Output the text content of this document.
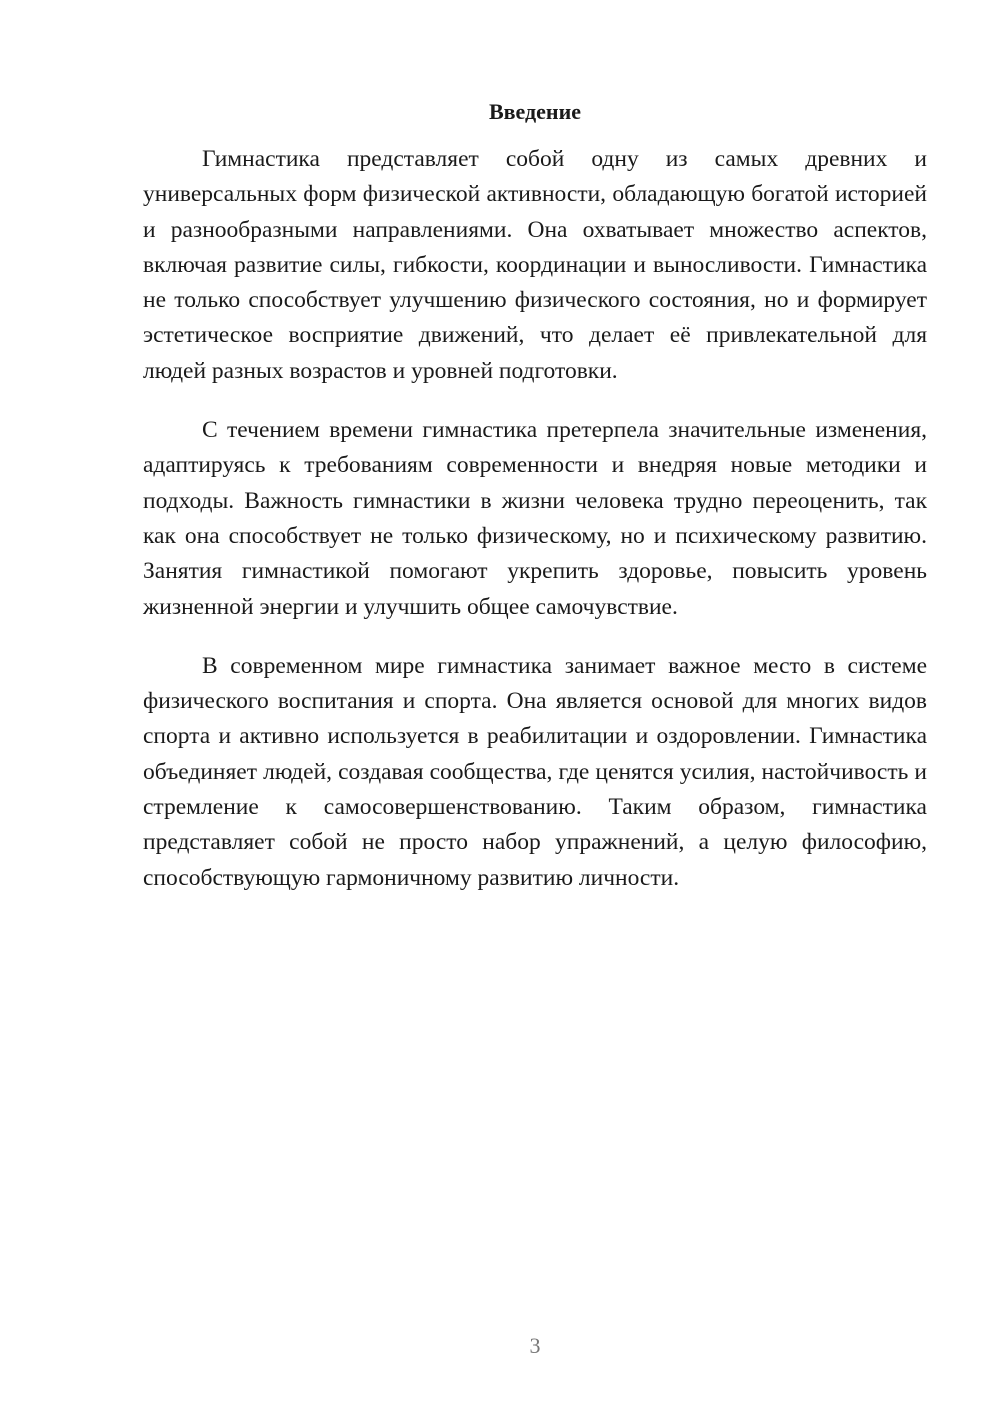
Введение

Гимнастика представляет собой одну из самых древних и универсальных форм физической активности, обладающую богатой историей и разнообразными направлениями. Она охватывает множество аспектов, включая развитие силы, гибкости, координации и выносливости. Гимнастика не только способствует улучшению физического состояния, но и формирует эстетическое восприятие движений, что делает её привлекательной для людей разных возрастов и уровней подготовки.

С течением времени гимнастика претерпела значительные изменения, адаптируясь к требованиям современности и внедряя новые методики и подходы. Важность гимнастики в жизни человека трудно переоценить, так как она способствует не только физическому, но и психическому развитию. Занятия гимнастикой помогают укрепить здоровье, повысить уровень жизненной энергии и улучшить общее самочувствие.

В современном мире гимнастика занимает важное место в системе физического воспитания и спорта. Она является основой для многих видов спорта и активно используется в реабилитации и оздоровлении. Гимнастика объединяет людей, создавая сообщества, где ценятся усилия, настойчивость и стремление к самосовершенствованию. Таким образом, гимнастика представляет собой не просто набор упражнений, а целую философию, способствующую гармоничному развитию личности.

3
